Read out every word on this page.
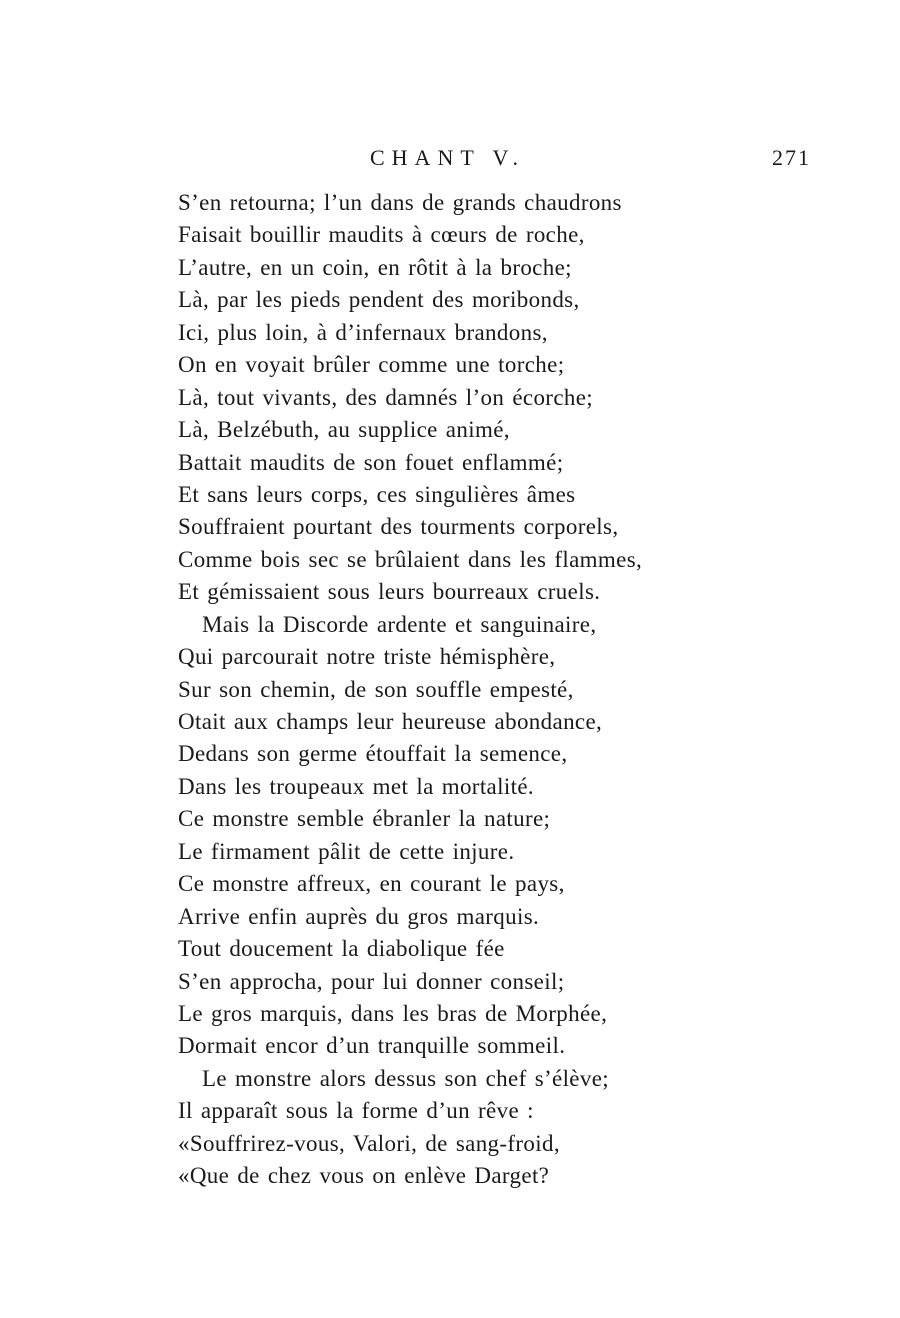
CHANT V.	271
S’en retourna; l’un dans de grands chaudrons
Faisait bouillir maudits à cœurs de roche,
L’autre, en un coin, en rôtit à la broche;
Là, par les pieds pendent des moribonds,
Ici, plus loin, à d’infernaux brandons,
On en voyait brûler comme une torche;
Là, tout vivants, des damnés l’on écorche;
Là, Belzébuth, au supplice animé,
Battait maudits de son fouet enflammé;
Et sans leurs corps, ces singulières âmes
Souffraient pourtant des tourments corporels,
Comme bois sec se brûlaient dans les flammes,
Et gémissaient sous leurs bourreaux cruels.
Mais la Discorde ardente et sanguinaire,
Qui parcourait notre triste hémisphère,
Sur son chemin, de son souffle empesté,
Otait aux champs leur heureuse abondance,
Dedans son germe étouffait la semence,
Dans les troupeaux met la mortalité.
Ce monstre semble ébranler la nature;
Le firmament pâlit de cette injure.
Ce monstre affreux, en courant le pays,
Arrive enfin auprès du gros marquis.
Tout doucement la diabolique fée
S’en approcha, pour lui donner conseil;
Le gros marquis, dans les bras de Morphée,
Dormait encor d’un tranquille sommeil.
Le monstre alors dessus son chef s’élève;
Il apparaît sous la forme d’un rêve :
«Souffrirez-vous, Valori, de sang-froid,
«Que de chez vous on enlève Darget?
